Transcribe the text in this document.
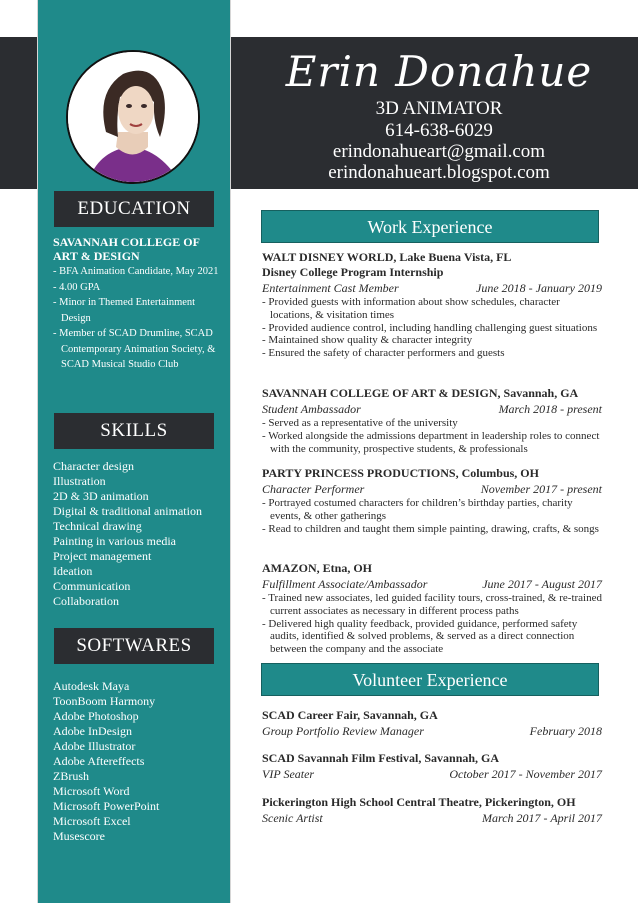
Erin Donahue
3D ANIMATOR
614-638-6029
erindonahueart@gmail.com
erindonahueart.blogspot.com
EDUCATION
SAVANNAH COLLEGE OF ART & DESIGN
- BFA Animation Candidate, May 2021
- 4.00 GPA
- Minor in Themed Entertainment Design
- Member of SCAD Drumline, SCAD Contemporary Animation Society, & SCAD Musical Studio Club
SKILLS
Character design
Illustration
2D & 3D animation
Digital & traditional animation
Technical drawing
Painting in various media
Project management
Ideation
Communication
Collaboration
SOFTWARES
Autodesk Maya
ToonBoom Harmony
Adobe Photoshop
Adobe InDesign
Adobe Illustrator
Adobe Aftereffects
ZBrush
Microsoft Word
Microsoft PowerPoint
Microsoft Excel
Musescore
Work Experience
WALT DISNEY WORLD, Lake Buena Vista, FL
Disney College Program Internship
Entertainment Cast Member	June 2018 - January 2019
- Provided guests with information about show schedules, character locations, & visitation times
- Provided audience control, including handling challenging guest situations
- Maintained show quality & character integrity
- Ensured the safety of character performers and guests
SAVANNAH COLLEGE OF ART & DESIGN, Savannah, GA
Student Ambassador	March 2018 - present
- Served as a representative of the university
- Worked alongside the admissions department in leadership roles to connect with the community, prospective students, & professionals
PARTY PRINCESS PRODUCTIONS, Columbus, OH
Character Performer	November 2017 - present
- Portrayed costumed characters for children’s birthday parties, charity events, & other gatherings
- Read to children and taught them simple painting, drawing, crafts, & songs
AMAZON, Etna, OH
Fulfillment Associate/Ambassador	June 2017 - August 2017
- Trained new associates, led guided facility tours, cross-trained, & re-trained current associates as necessary in different process paths
- Delivered high quality feedback, provided guidance, performed safety audits, identified & solved problems, & served as a direct connection between the company and the associate
Volunteer Experience
SCAD Career Fair, Savannah, GA
Group Portfolio Review Manager	February 2018
SCAD Savannah Film Festival, Savannah, GA
VIP Seater	October 2017 - November 2017
Pickerington High School Central Theatre, Pickerington, OH
Scenic Artist	March 2017 - April 2017
